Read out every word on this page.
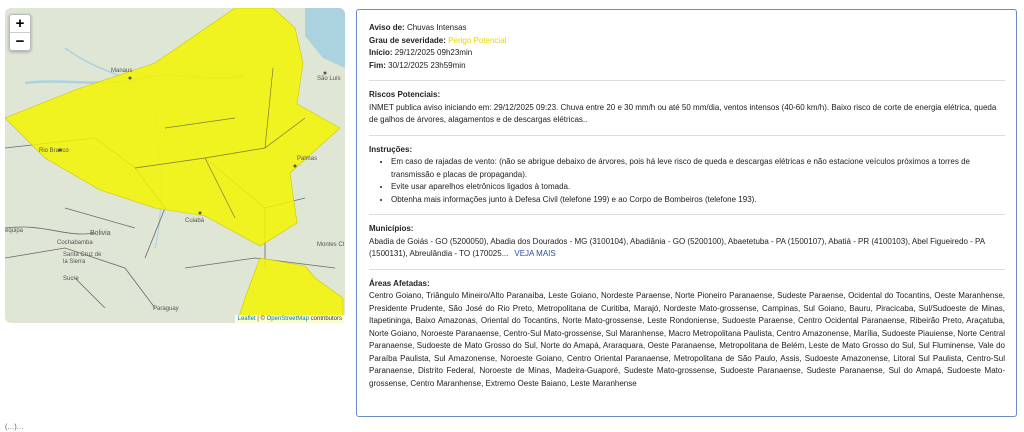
Manaus
São Luís
Rio Branco
Palmas
Cuiabá
Bolivia
Cochabamba
Santa Cruz de la Sierra
Sucre
Montes Cl
Paraguay
equipa
+
−
Leaflet | © OpenStreetMap contributors
Aviso de: Chuvas Intensas
Grau de severidade: Perigo Potencial
Início: 29/12/2025 09h23min
Fim: 30/12/2025 23h59min
Riscos Potenciais:
INMET publica aviso iniciando em: 29/12/2025 09:23. Chuva entre 20 e 30 mm/h ou até 50 mm/dia, ventos intensos (40-60 km/h). Baixo risco de corte de energia elétrica, queda de galhos de árvores, alagamentos e de descargas elétricas..
Instruções:
• Em caso de rajadas de vento: (não se abrigue debaixo de árvores, pois há leve risco de queda e descargas elétricas e não estacione veículos próximos a torres de transmissão e placas de propaganda).
• Evite usar aparelhos eletrônicos ligados à tomada.
• Obtenha mais informações junto à Defesa Civil (telefone 199) e ao Corpo de Bombeiros (telefone 193).
Municípios:
Abadia de Goiás - GO (5200050), Abadia dos Dourados - MG (3100104), Abadiânia - GO (5200100), Abaetetuba - PA (1500107), Abatiá - PR (4100103), Abel Figueiredo - PA (1500131), Abreulândia - TO (170025... VEJA MAIS
Áreas Afetadas:
Centro Goiano, Triângulo Mineiro/Alto Paranaíba, Leste Goiano, Nordeste Paraense, Norte Pioneiro Paranaense, Sudeste Paraense, Ocidental do Tocantins, Oeste Maranhense, Presidente Prudente, São José do Rio Preto, Metropolitana de Curitiba, Marajó, Nordeste Mato-grossense, Campinas, Sul Goiano, Bauru, Piracicaba, Sul/Sudoeste de Minas, Itapetininga, Baixo Amazonas, Oriental do Tocantins, Norte Mato-grossense, Leste Rondoniense, Sudoeste Paraense, Centro Ocidental Paranaense, Ribeirão Preto, Araçatuba, Norte Goiano, Noroeste Paranaense, Centro-Sul Mato-grossense, Sul Maranhense, Macro Metropolitana Paulista, Centro Amazonense, Marília, Sudoeste Piauiense, Norte Central Paranaense, Sudoeste de Mato Grosso do Sul, Norte do Amapá, Araraquara, Oeste Paranaense, Metropolitana de Belém, Leste de Mato Grosso do Sul, Sul Fluminense, Vale do Paraíba Paulista, Sul Amazonense, Noroeste Goiano, Centro Oriental Paranaense, Metropolitana de São Paulo, Assis, Sudoeste Amazonense, Litoral Sul Paulista, Centro-Sul Paranaense, Distrito Federal, Noroeste de Minas, Madeira-Guaporé, Sudeste Mato-grossense, Sudoeste Paranaense, Sudeste Paranaense, Sul do Amapá, Sudoeste Mato-grossense, Centro Maranhense, Extremo Oeste Baiano, Leste Maranhense
(…)…
